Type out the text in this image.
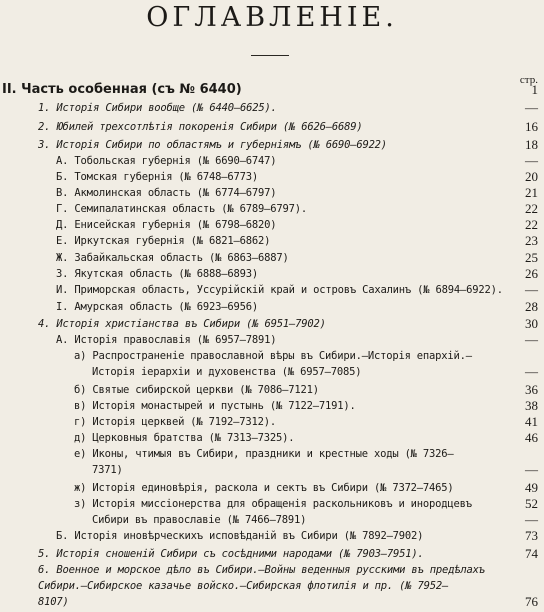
ОГЛАВЛЕНІЕ.
стр.
II. Часть особенная (съ № 6440)	1
1. Исторія Сибири вообще (№ 6440—6625).	—
2. Юбилей трехсотлѣтія покоренія Сибири (№ 6626—6689)	16
3. Исторія Сибири по областямъ и губерніямъ (№ 6690—6922)	18
А. Тобольская губернія (№ 6690—6747)	—
Б. Томская губернія (№ 6748—6773)	20
В. Акмолинская область (№ 6774—6797)	21
Г. Семипалатинская область (№ 6789—6797).	22
Д. Енисейская губернія (№ 6798—6820)	22
Е. Иркутская губернія (№ 6821—6862)	23
Ж. Забайкальская область (№ 6863—6887)	25
З. Якутская область (№ 6888—6893)	26
И. Приморская область, Уссурійскій край и островъ Сахалинъ (№ 6894—6922).	—
І. Амурская область (№ 6923—6956)	28
4. Исторія христіанства въ Сибири (№ 6951—7902)	30
А. Исторія православія (№ 6957—7891)	—
а) Распространеніе православной вѣры въ Сибири.—Исторія епархій.—
Исторія іерархіи и духовенства (№ 6957—7085)	—
б) Святые сибирской церкви (№ 7086—7121)	36
в) Исторія монастырей и пустынь (№ 7122—7191).	38
г) Исторія церквей (№ 7192—7312).	41
д) Церковныя братства (№ 7313—7325).	46
е) Иконы, чтимыя въ Сибири, праздники и крестные ходы (№ 7326—
7371)	—
ж) Исторія единовѣрія, раскола и сектъ въ Сибири (№ 7372—7465)	49
з) Исторія миссіонерства для обращенія раскольниковъ и инородцевъ	52
Сибири въ православіе (№ 7466—7891)	—
Б. Исторія иновѣрческихъ исповѣданій въ Сибири (№ 7892—7902)	73
5. Исторія сношеній Сибири съ сосѣдними народами (№ 7903—7951).	74
6. Военное и морское дѣло въ Сибири.—Войны веденныя русскими въ предѣлахъ
Сибири.—Сибирское казачье войско.—Сибирская флотилія и пр. (№ 7952—
8107)	76
